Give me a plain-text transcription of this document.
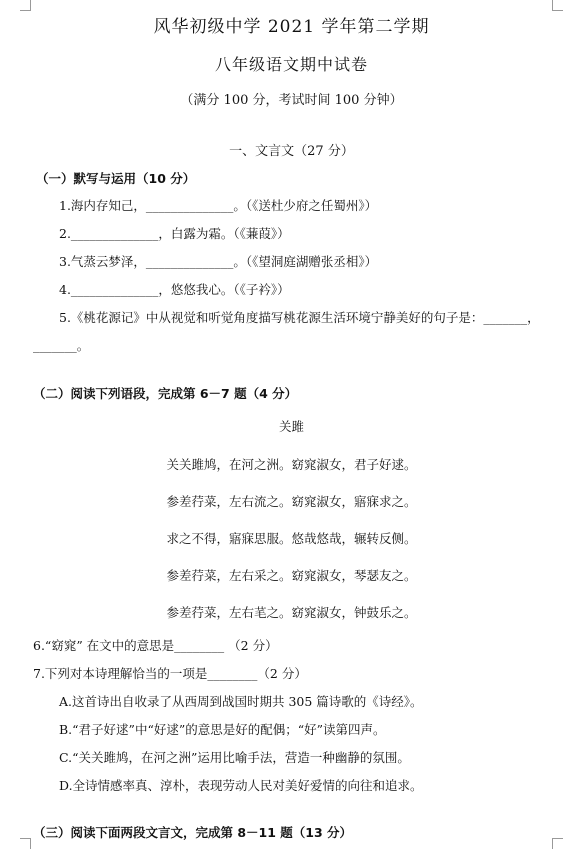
风华初级中学 2021 学年第二学期
八年级语文期中试卷
（满分 100 分，考试时间 100 分钟）
一、文言文（27 分）
（一）默写与运用（10 分）
1.海内存知己，______________。（《送杜少府之任蜀州》）
2.______________，白露为霜。（《蒹葭》）
3.气蒸云梦泽，______________。（《望洞庭湖赠张丞相》）
4.______________，悠悠我心。（《子衿》）
5.《桃花源记》中从视觉和听觉角度描写桃花源生活环境宁静美好的句子是：_______，
_______。
（二）阅读下列语段，完成第 6－7 题（4 分）
关雎
关关雎鸠，在河之洲。窈窕淑女，君子好逑。
参差荇菜，左右流之。窈窕淑女，寤寐求之。
求之不得，寤寐思服。悠哉悠哉，辗转反侧。
参差荇菜，左右采之。窈窕淑女，琴瑟友之。
参差荇菜，左右芼之。窈窕淑女，钟鼓乐之。
6.“窈窕” 在文中的意思是________ （2 分）
7.下列对本诗理解恰当的一项是________（2 分）
A.这首诗出自收录了从西周到战国时期共 305 篇诗歌的《诗经》。
B.“君子好逑”中“好逑”的意思是好的配偶；“好”读第四声。
C.“关关雎鸠，在河之洲”运用比喻手法，营造一种幽静的氛围。
D.全诗情感率真、淳朴，表现劳动人民对美好爱情的向往和追求。
（三）阅读下面两段文言文，完成第 8－11 题（13 分）
